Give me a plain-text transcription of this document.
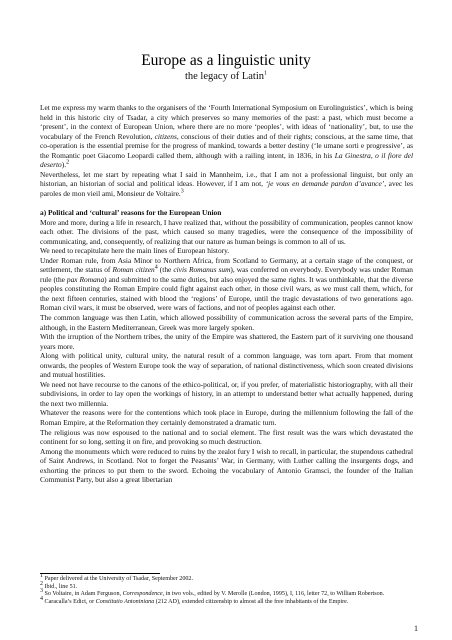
Europe as a linguistic unity
the legacy of Latin$^1$

Let me express my warm thanks to the organisers of the ‘Fourth International Symposium on Eurolinguistics’, which is being held in this historic city of Tsadar, a city which preserves so many memories of the past: a past, which must become a ‘present’, in the context of European Union, where there are no more ‘peoples’, with ideas of ‘nationality’, but, to use the vocabulary of the French Revolution, citizens, conscious of their duties and of their rights; conscious, at the same time, that co-operation is the essential premise for the progress of mankind, towards a better destiny (‘le umane sorti e progressive’, as the Romantic poet Giacomo Leopardi called them, although with a railing intent, in 1836, in his La Ginestra, o il fiore del deserto).$^2$

Nevertheless, let me start by repeating what I said in Mannheim, i.e., that I am not a professional linguist, but only an historian, an historian of social and political ideas. However, if I am not, ‘je vous en demande pardon d’avance’, avec les paroles de mon vieil ami, Monsieur de Voltaire.$^3$

a) Political and ‘cultural’ reasons for the European Union

More and more, during a life in research, I have realized that, without the possibility of communication, peoples cannot know each other. The divisions of the past, which caused so many tragedies, were the consequence of the impossibility of communicating, and, consequently, of realizing that our nature as human beings is common to all of us.

We need to recapitulate here the main lines of European history.

Under Roman rule, from Asia Minor to Northern Africa, from Scotland to Germany, at a certain stage of the conquest, or settlement, the status of Roman citizen$^4$ (the civis Romanus sum), was conferred on everybody. Everybody was under Roman rule (the pax Romana) and submitted to the same duties, but also enjoyed the same rights. It was unthinkable, that the diverse peoples constituting the Roman Empire could fight against each other, in those civil wars, as we must call them, which, for the next fifteen centuries, stained with blood the ‘regions’ of Europe, until the tragic devastations of two generations ago. Roman civil wars, it must be observed, were wars of factions, and not of peoples against each other.

The common language was then Latin, which allowed possibility of communication across the several parts of the Empire, although, in the Eastern Mediterranean, Greek was more largely spoken.

With the irruption of the Northern tribes, the unity of the Empire was shattered, the Eastern part of it surviving one thousand years more.

Along with political unity, cultural unity, the natural result of a common language, was torn apart. From that moment onwards, the peoples of Western Europe took the way of separation, of national distinctiveness, which soon created divisions and mutual hostilities.

We need not have recourse to the canons of the ethico-political, or, if you prefer, of materialistic historiography, with all their subdivisions, in order to lay open the workings of history, in an attempt to understand better what actually happened, during the next two millennia.

Whatever the reasons were for the contentions which took place in Europe, during the millennium following the fall of the Roman Empire, at the Reformation they certainly demonstrated a dramatic turn.

The religious was now espoused to the national and to social element. The first result was the wars which devastated the continent for so long, setting it on fire, and provoking so much destruction.

Among the monuments which were reduced to ruins by the zealot fury I wish to recall, in particular, the stupendous cathedral of Saint Andrews, in Scotland. Not to forget the Peasants’ War, in Germany, with Luther calling the insurgents dogs, and exhorting the princes to put them to the sword. Echoing the vocabulary of Antonio Gramsci, the founder of the Italian Communist Party, but also a great libertarian

$^1$ Paper delivered at the University of Tsadar, September 2002.

$^2$ Ibid., line 51.

$^3$ So Voltaire, in Adam Ferguson, Correspondence, in two vols., edited by V. Merolle (London, 1995), I, 116, letter 72, to William Robertson.

$^4$ Caracalla’s Edict, or Constitutio Antoniniana (212 AD), extended citizenship to almost all the free inhabitants of the Empire.

1
